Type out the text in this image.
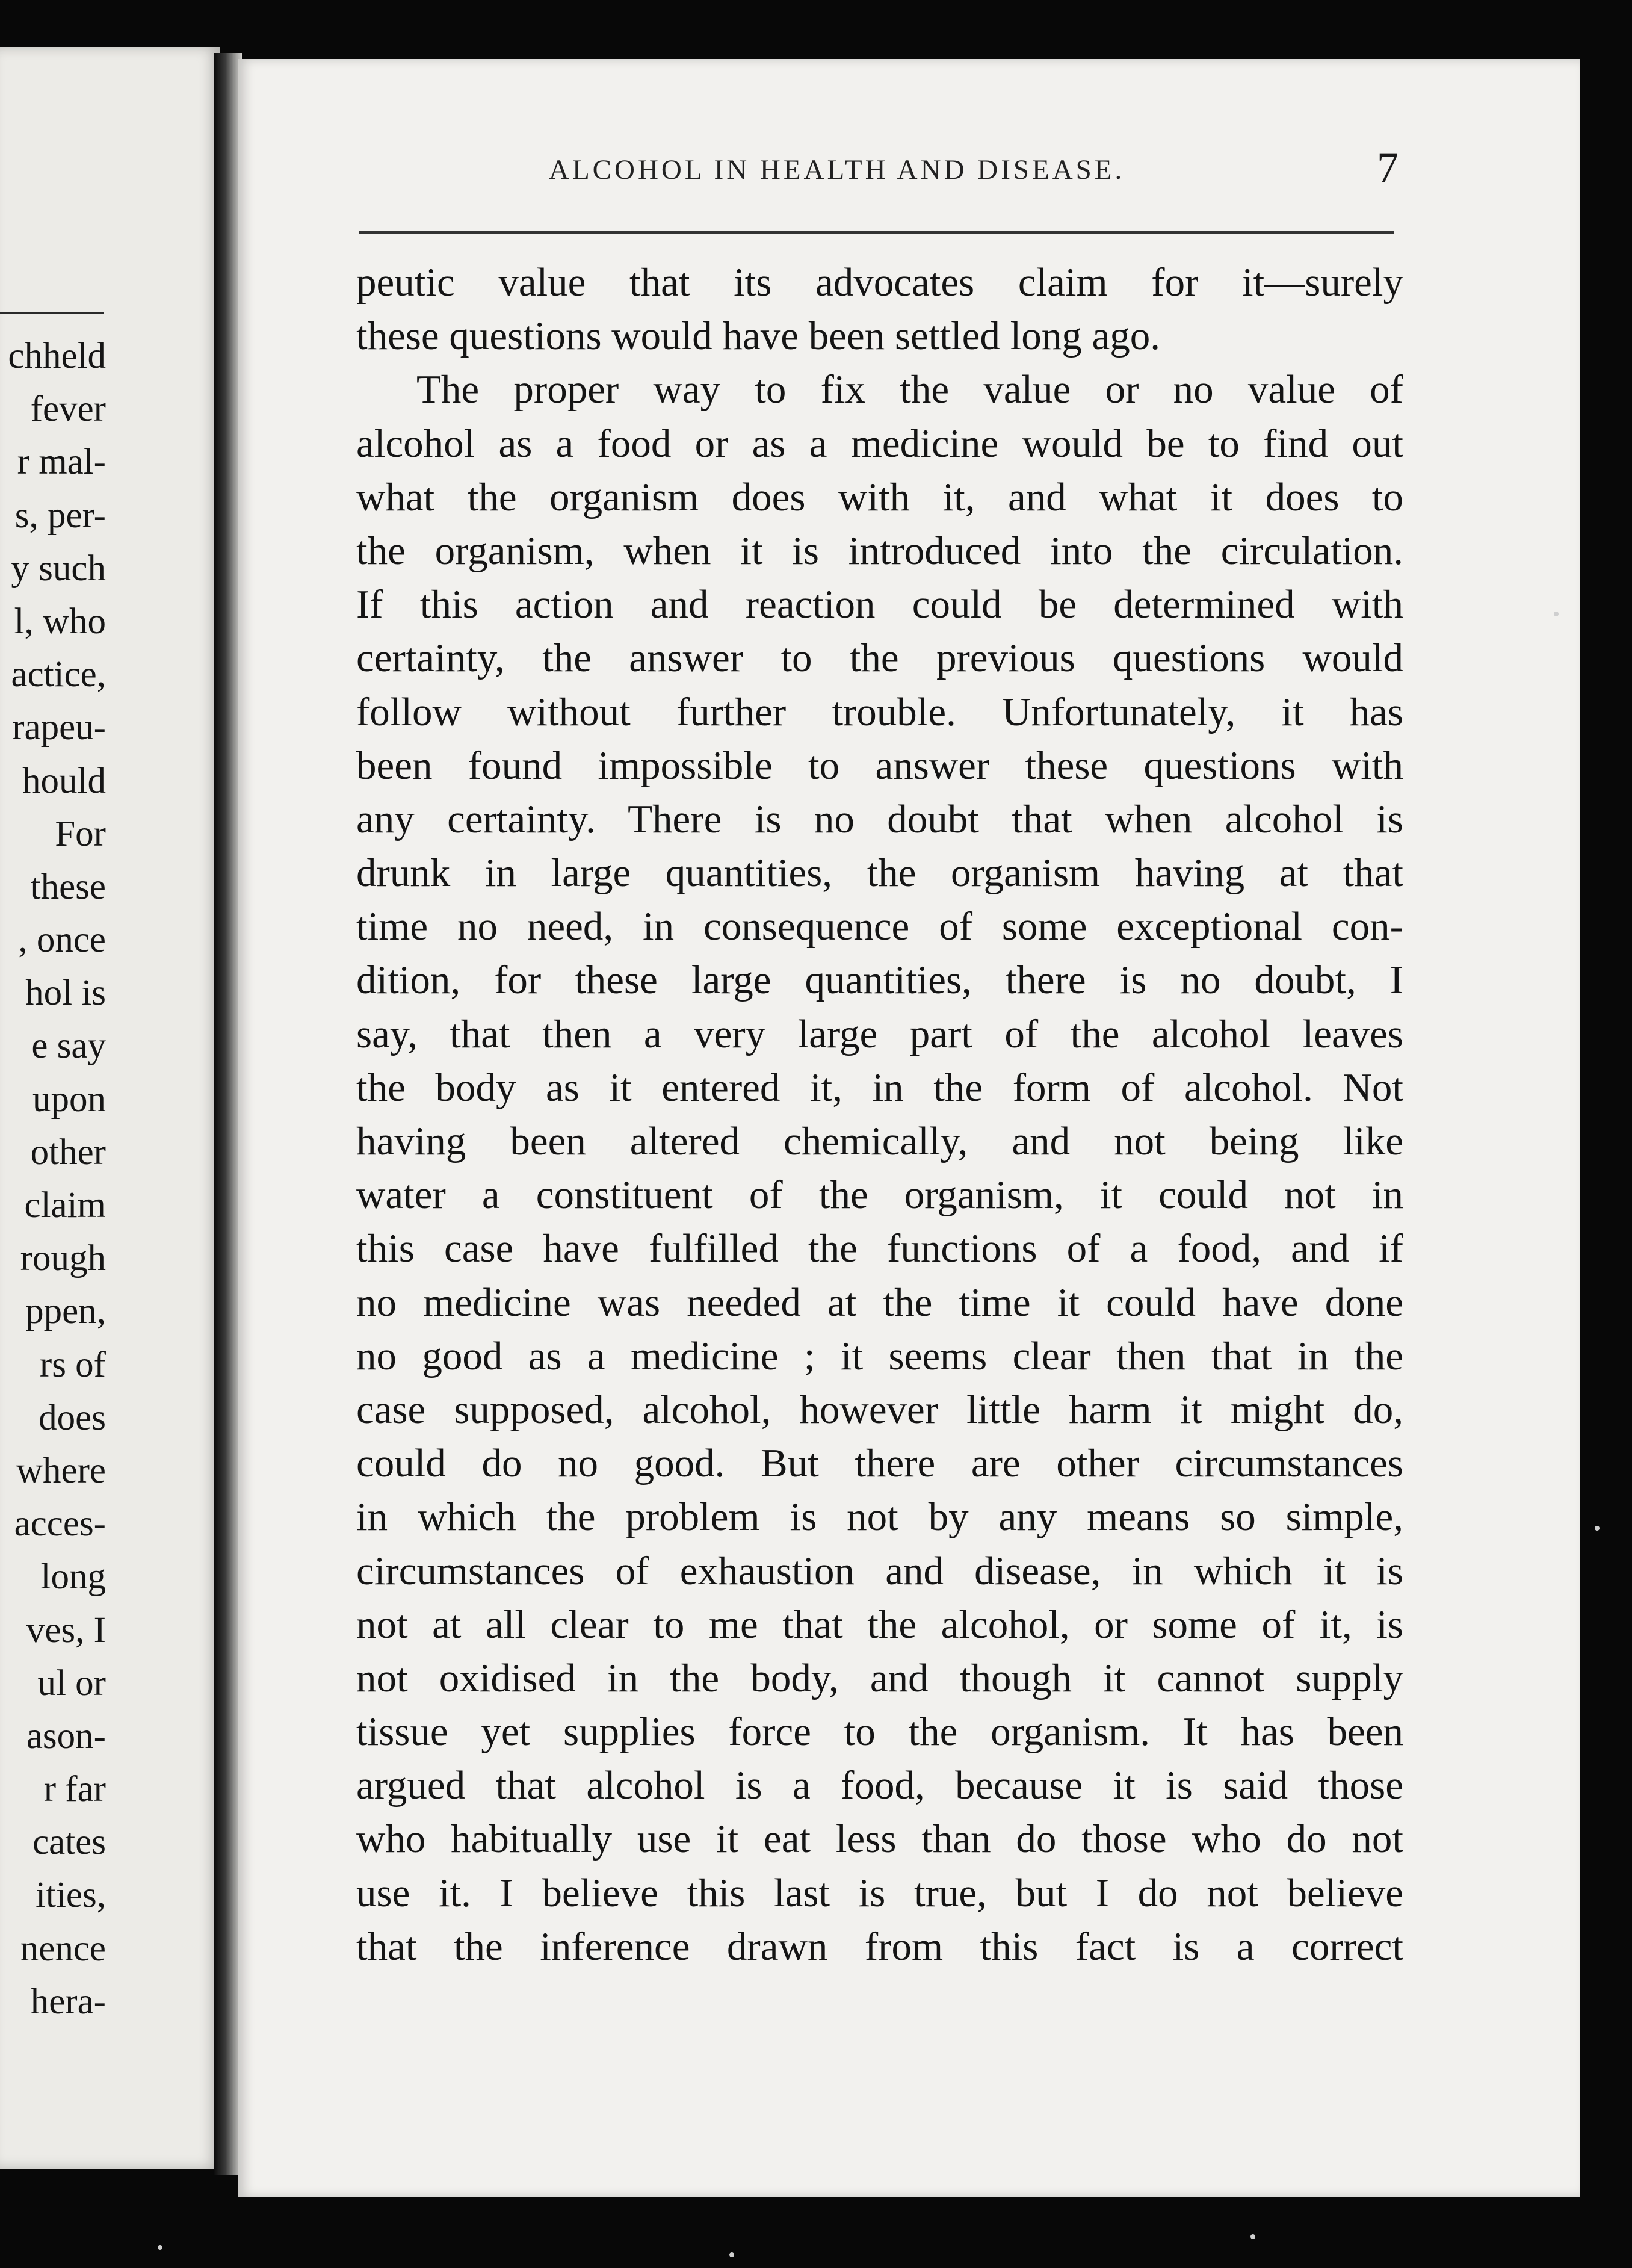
chheld
fever
r mal-
s, per-
y such
l, who
actice,
rapeu-
hould
For
these
, once
hol is
e say
upon
other
claim
rough
ppen,
rs of
does
where
acces-
long
ves, I
ul or
ason-
r far
cates
ities,
nence
hera-
ALCOHOL IN HEALTH AND DISEASE.	7
peutic value that its advocates claim for it—surely
these questions would have been settled long ago.
The proper way to fix the value or no value of
alcohol as a food or as a medicine would be to find out
what the organism does with it, and what it does to
the organism, when it is introduced into the circulation.
If this action and reaction could be determined with
certainty, the answer to the previous questions would
follow without further trouble. Unfortunately, it has
been found impossible to answer these questions with
any certainty. There is no doubt that when alcohol is
drunk in large quantities, the organism having at that
time no need, in consequence of some exceptional con-
dition, for these large quantities, there is no doubt, I
say, that then a very large part of the alcohol leaves
the body as it entered it, in the form of alcohol. Not
having been altered chemically, and not being like
water a constituent of the organism, it could not in
this case have fulfilled the functions of a food, and if
no medicine was needed at the time it could have done
no good as a medicine ; it seems clear then that in the
case supposed, alcohol, however little harm it might do,
could do no good. But there are other circumstances
in which the problem is not by any means so simple,
circumstances of exhaustion and disease, in which it is
not at all clear to me that the alcohol, or some of it, is
not oxidised in the body, and though it cannot supply
tissue yet supplies force to the organism. It has been
argued that alcohol is a food, because it is said those
who habitually use it eat less than do those who do not
use it. I believe this last is true, but I do not believe
that the inference drawn from this fact is a correct
